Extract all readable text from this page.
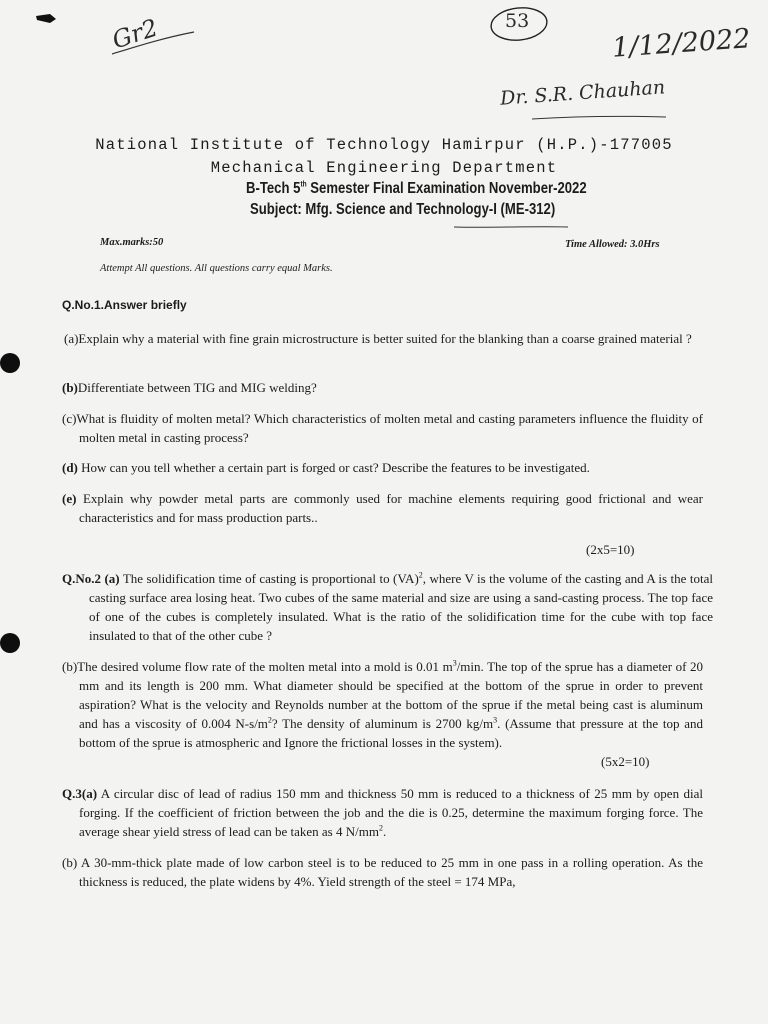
Gr2	53
1/12/2022
Dr. S.R. Chauhan
National Institute of Technology Hamirpur (H.P.)-177005
Mechanical Engineering Department
B-Tech 5th Semester Final Examination November-2022
Subject: Mfg. Science and Technology-I (ME-312)
Max.marks:50	Time Allowed: 3.0Hrs
Attempt All questions. All questions carry equal Marks.
Q.No.1.Answer briefly
(a)Explain why a material with fine grain microstructure is better suited for the blanking than a coarse grained material ?
(b)Differentiate between TIG and MIG welding?
(c)What is fluidity of molten metal? Which characteristics of molten metal and casting parameters influence the fluidity of molten metal in casting process?
(d) How can you tell whether a certain part is forged or cast? Describe the features to be investigated.
(e) Explain why powder metal parts are commonly used for machine elements requiring good frictional and wear characteristics and for mass production parts..
(2x5=10)
Q.No.2 (a) The solidification time of casting is proportional to (VA)$^2$, where V is the volume of the casting and A is the total casting surface area losing heat. Two cubes of the same material and size are using a sand-casting process. The top face of one of the cubes is completely insulated. What is the ratio of the solidification time for the cube with top face insulated to that of the other cube ?
(b)The desired volume flow rate of the molten metal into a mold is 0.01 $m^3/\min$. The top of the sprue has a diameter of 20 mm and its length is 200 mm. What diameter should be specified at the bottom of the sprue in order to prevent aspiration? What is the velocity and Reynolds number at the bottom of the sprue if the metal being cast is aluminum and has a viscosity of 0.004 $N-s/m^2$? The density of aluminum is 2700 $kg/m^3$. (Assume that pressure at the top and bottom of the sprue is atmospheric and Ignore the frictional losses in the system).
(5x2=10)
Q.3(a) A circular disc of lead of radius 150 mm and thickness 50 mm is reduced to a thickness of 25 mm by open dial forging. If the coefficient of friction between the job and the die is 0.25, determine the maximum forging force. The average shear yield stress of lead can be taken as 4 $N/mm^2$.
(b) A 30-mm-thick plate made of low carbon steel is to be reduced to 25 mm in one pass in a rolling operation. As the thickness is reduced, the plate widens by 4%. Yield strength of the steel = 174 MPa,
